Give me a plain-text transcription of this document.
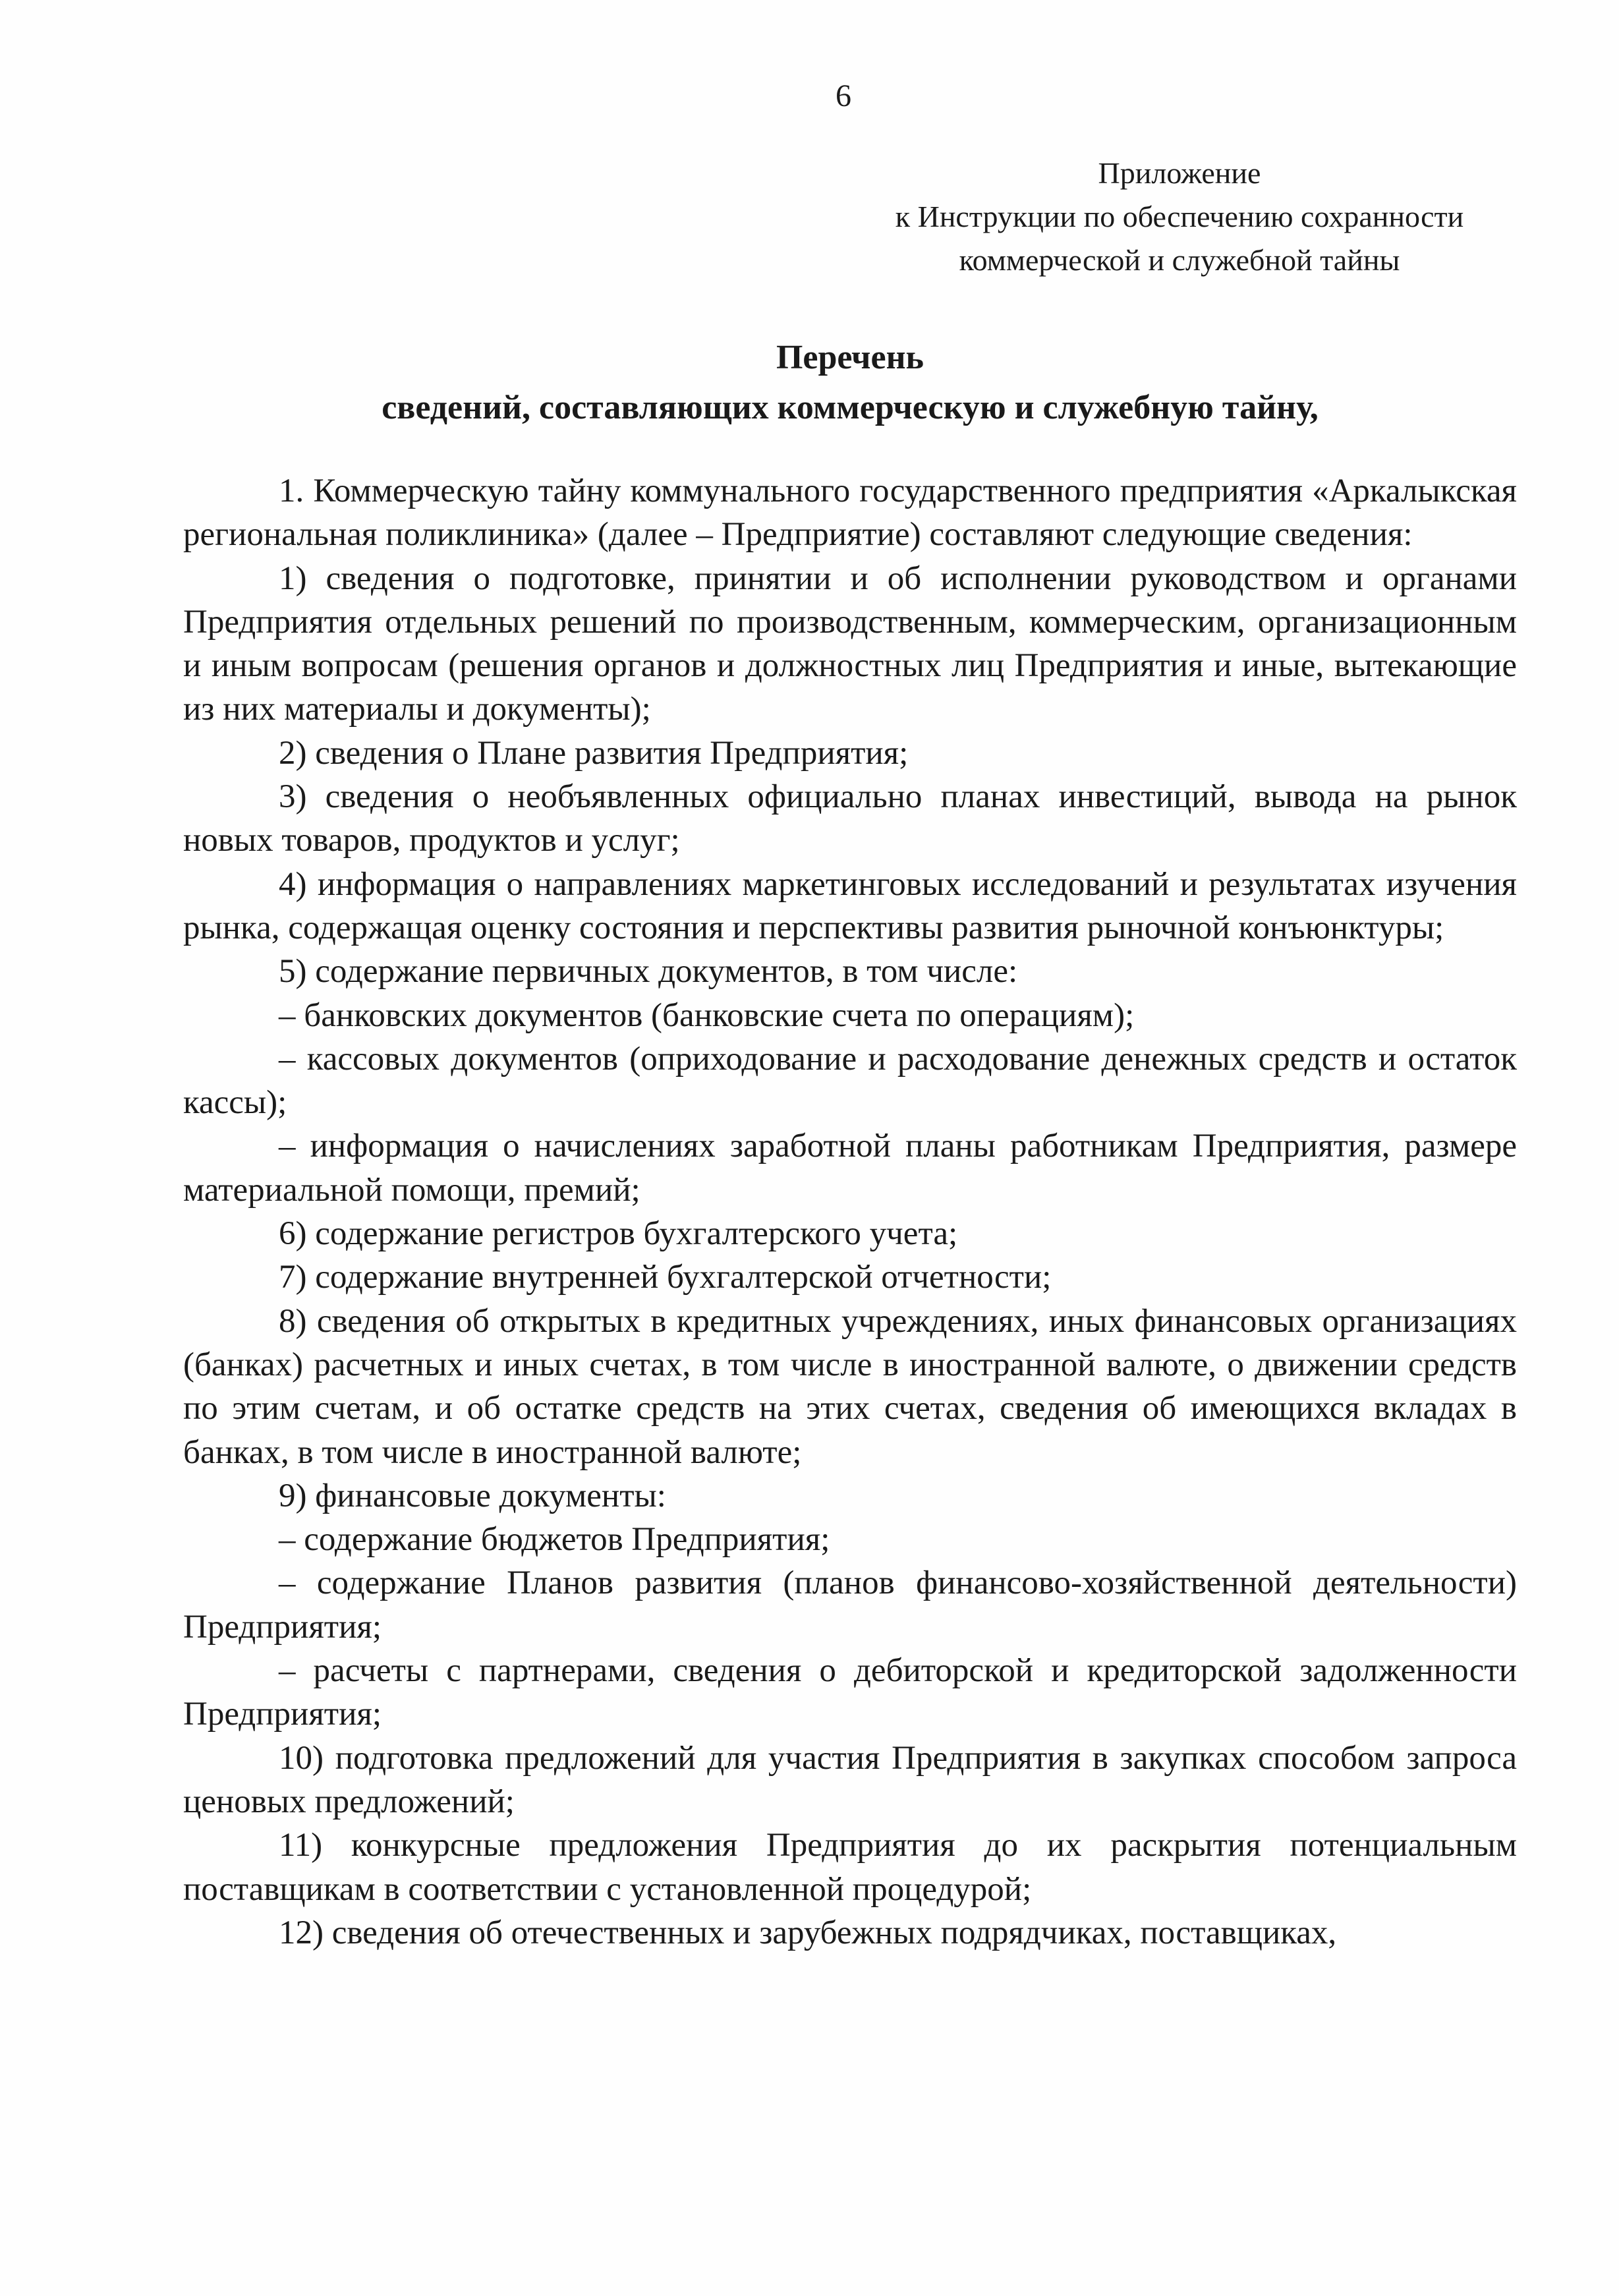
6
Приложение
к Инструкции по обеспечению сохранности
коммерческой и служебной тайны
Перечень
сведений, составляющих коммерческую и служебную тайну,

1. Коммерческую тайну коммунального государственного предприятия «Аркалыкская региональная поликлиника» (далее – Предприятие) составляют следующие сведения:

1) сведения о подготовке, принятии и об исполнении руководством и органами Предприятия отдельных решений по производственным, коммерческим, организационным и иным вопросам (решения органов и должностных лиц Предприятия и иные, вытекающие из них материалы и документы);

2) сведения о Плане развития Предприятия;

3) сведения о необъявленных официально планах инвестиций, вывода на рынок новых товаров, продуктов и услуг;

4) информация о направлениях маркетинговых исследований и результатах изучения рынка, содержащая оценку состояния и перспективы развития рыночной конъюнктуры;

5) содержание первичных документов, в том числе:

– банковских документов (банковские счета по операциям);

– кассовых документов (оприходование и расходование денежных средств и остаток кассы);

– информация о начислениях заработной планы работникам Предприятия, размере материальной помощи, премий;

6) содержание регистров бухгалтерского учета;

7) содержание внутренней бухгалтерской отчетности;

8) сведения об открытых в кредитных учреждениях, иных финансовых организациях (банках) расчетных и иных счетах, в том числе в иностранной валюте, о движении средств по этим счетам, и об остатке средств на этих счетах, сведения об имеющихся вкладах в банках, в том числе в иностранной валюте;

9) финансовые документы:

– содержание бюджетов Предприятия;

– содержание Планов развития (планов финансово-хозяйственной деятельности) Предприятия;

– расчеты с партнерами, сведения о дебиторской и кредиторской задолженности Предприятия;

10) подготовка предложений для участия Предприятия в закупках способом запроса ценовых предложений;

11) конкурсные предложения Предприятия до их раскрытия потенциальным поставщикам в соответствии с установленной процедурой;

12) сведения об отечественных и зарубежных подрядчиках, поставщиках,
